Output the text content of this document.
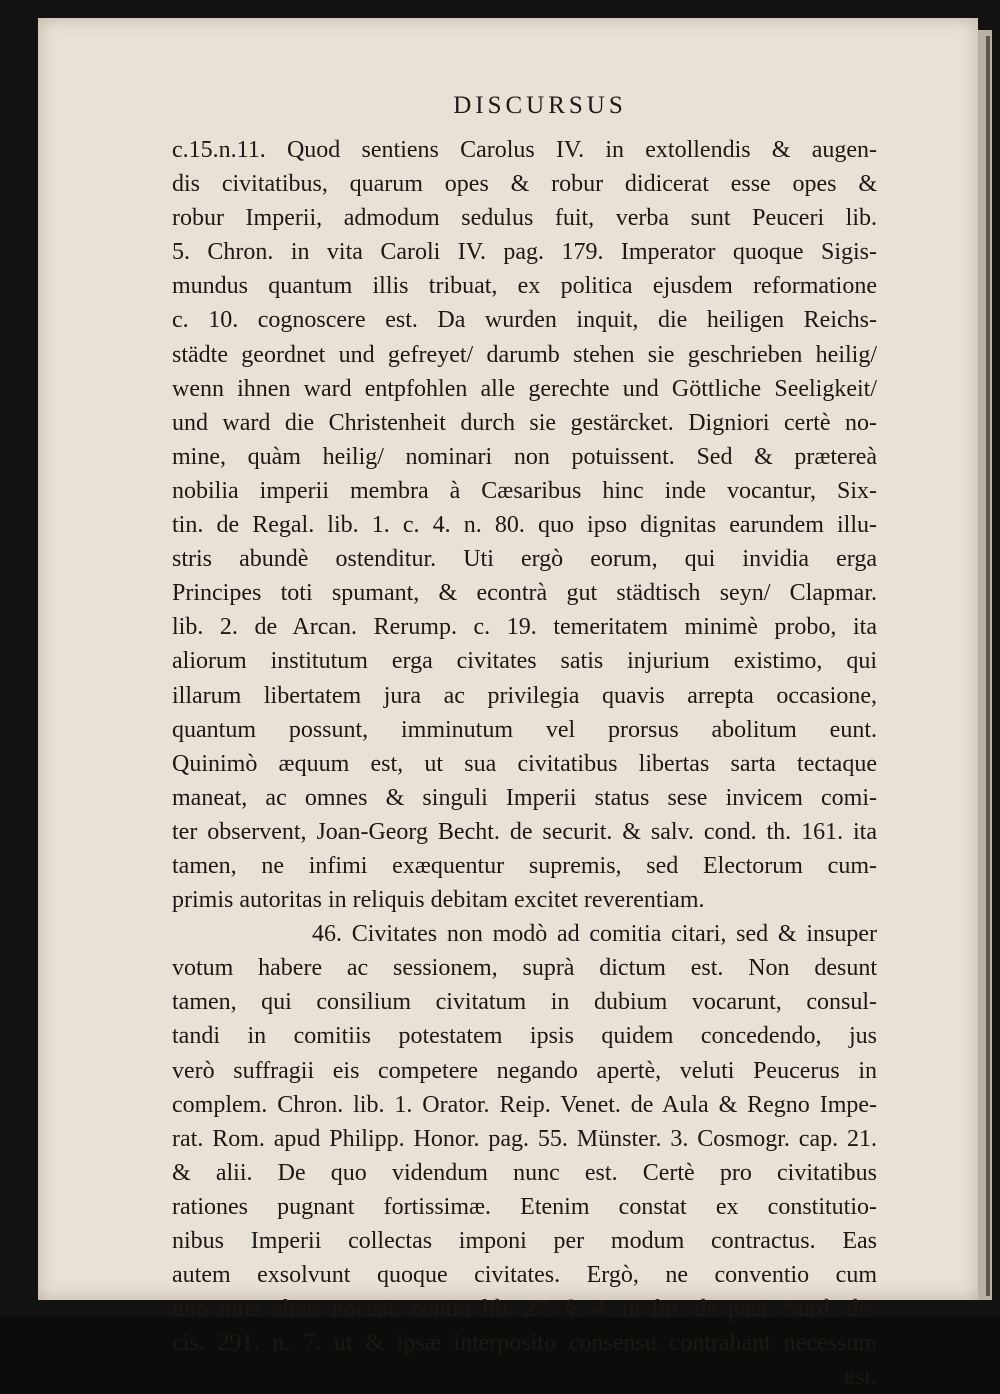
DISCURSUS
c.15.n.11. Quod sentiens Carolus IV. in extollendis & augen-
dis civitatibus, quarum opes & robur didicerat esse opes &
robur Imperii, admodum sedulus fuit, verba sunt Peuceri lib.
5. Chron. in vita Caroli IV. pag. 179. Imperator quoque Sigis-
mundus quantum illis tribuat, ex politica ejusdem reformatione
c. 10. cognoscere est. Da wurden inquit, die heiligen Reichs-
städte geordnet und gefreyet/ darumb stehen sie geschrieben heilig/
wenn ihnen ward entpfohlen alle gerechte und Göttliche Seeligkeit/
und ward die Christenheit durch sie gestärcket. Digniori certè no-
mine, quàm heilig/ nominari non potuissent. Sed & prætereà
nobilia imperii membra à Cæsaribus hinc inde vocantur, Six-
tin. de Regal. lib. 1. c. 4. n. 80. quo ipso dignitas earundem illu-
stris abundè ostenditur. Uti ergò eorum, qui invidia erga
Principes toti spumant, & econtrà gut städtisch seyn/ Clapmar.
lib. 2. de Arcan. Rerump. c. 19. temeritatem minimè probo, ita
aliorum institutum erga civitates satis injurium existimo, qui
illarum libertatem jura ac privilegia quavis arrepta occasione,
quantum possunt, imminutum vel prorsus abolitum eunt.
Quinimò æquum est, ut sua civitatibus libertas sarta tectaque
maneat, ac omnes & singuli Imperii status sese invicem comi-
ter observent, Joan-Georg Becht. de securit. & salv. cond. th. 161. ita
tamen, ne infimi exæquentur supremis, sed Electorum cum-
primis autoritas in reliquis debitam excitet reverentiam.
46. Civitates non modò ad comitia citari, sed & insuper
votum habere ac sessionem, suprà dictum est. Non desunt
tamen, qui consilium civitatum in dubium vocarunt, consul-
tandi in comitiis potestatem ipsis quidem concedendo, jus
verò suffragii eis competere negando apertè, veluti Peucerus in
complem. Chron. lib. 1. Orator. Reip. Venet. de Aula & Regno Impe-
rat. Rom. apud Philipp. Honor. pag. 55. Münster. 3. Cosmogr. cap. 21.
& alii. De quo videndum nunc est. Certè pro civitatibus
rationes pugnant fortissimæ. Etenim constat ex constitutio-
nibus Imperii collectas imponi per modum contractus. Eas
autem exsolvunt quoque civitates. Ergò, ne conventio cum
uno inita alteri noceat, contra lib. 27. §. 4. in fin. de pact. Surd. de-
cis. 291. n. 7. ut & ipsæ interposito consensu contrahant necessum
est.
